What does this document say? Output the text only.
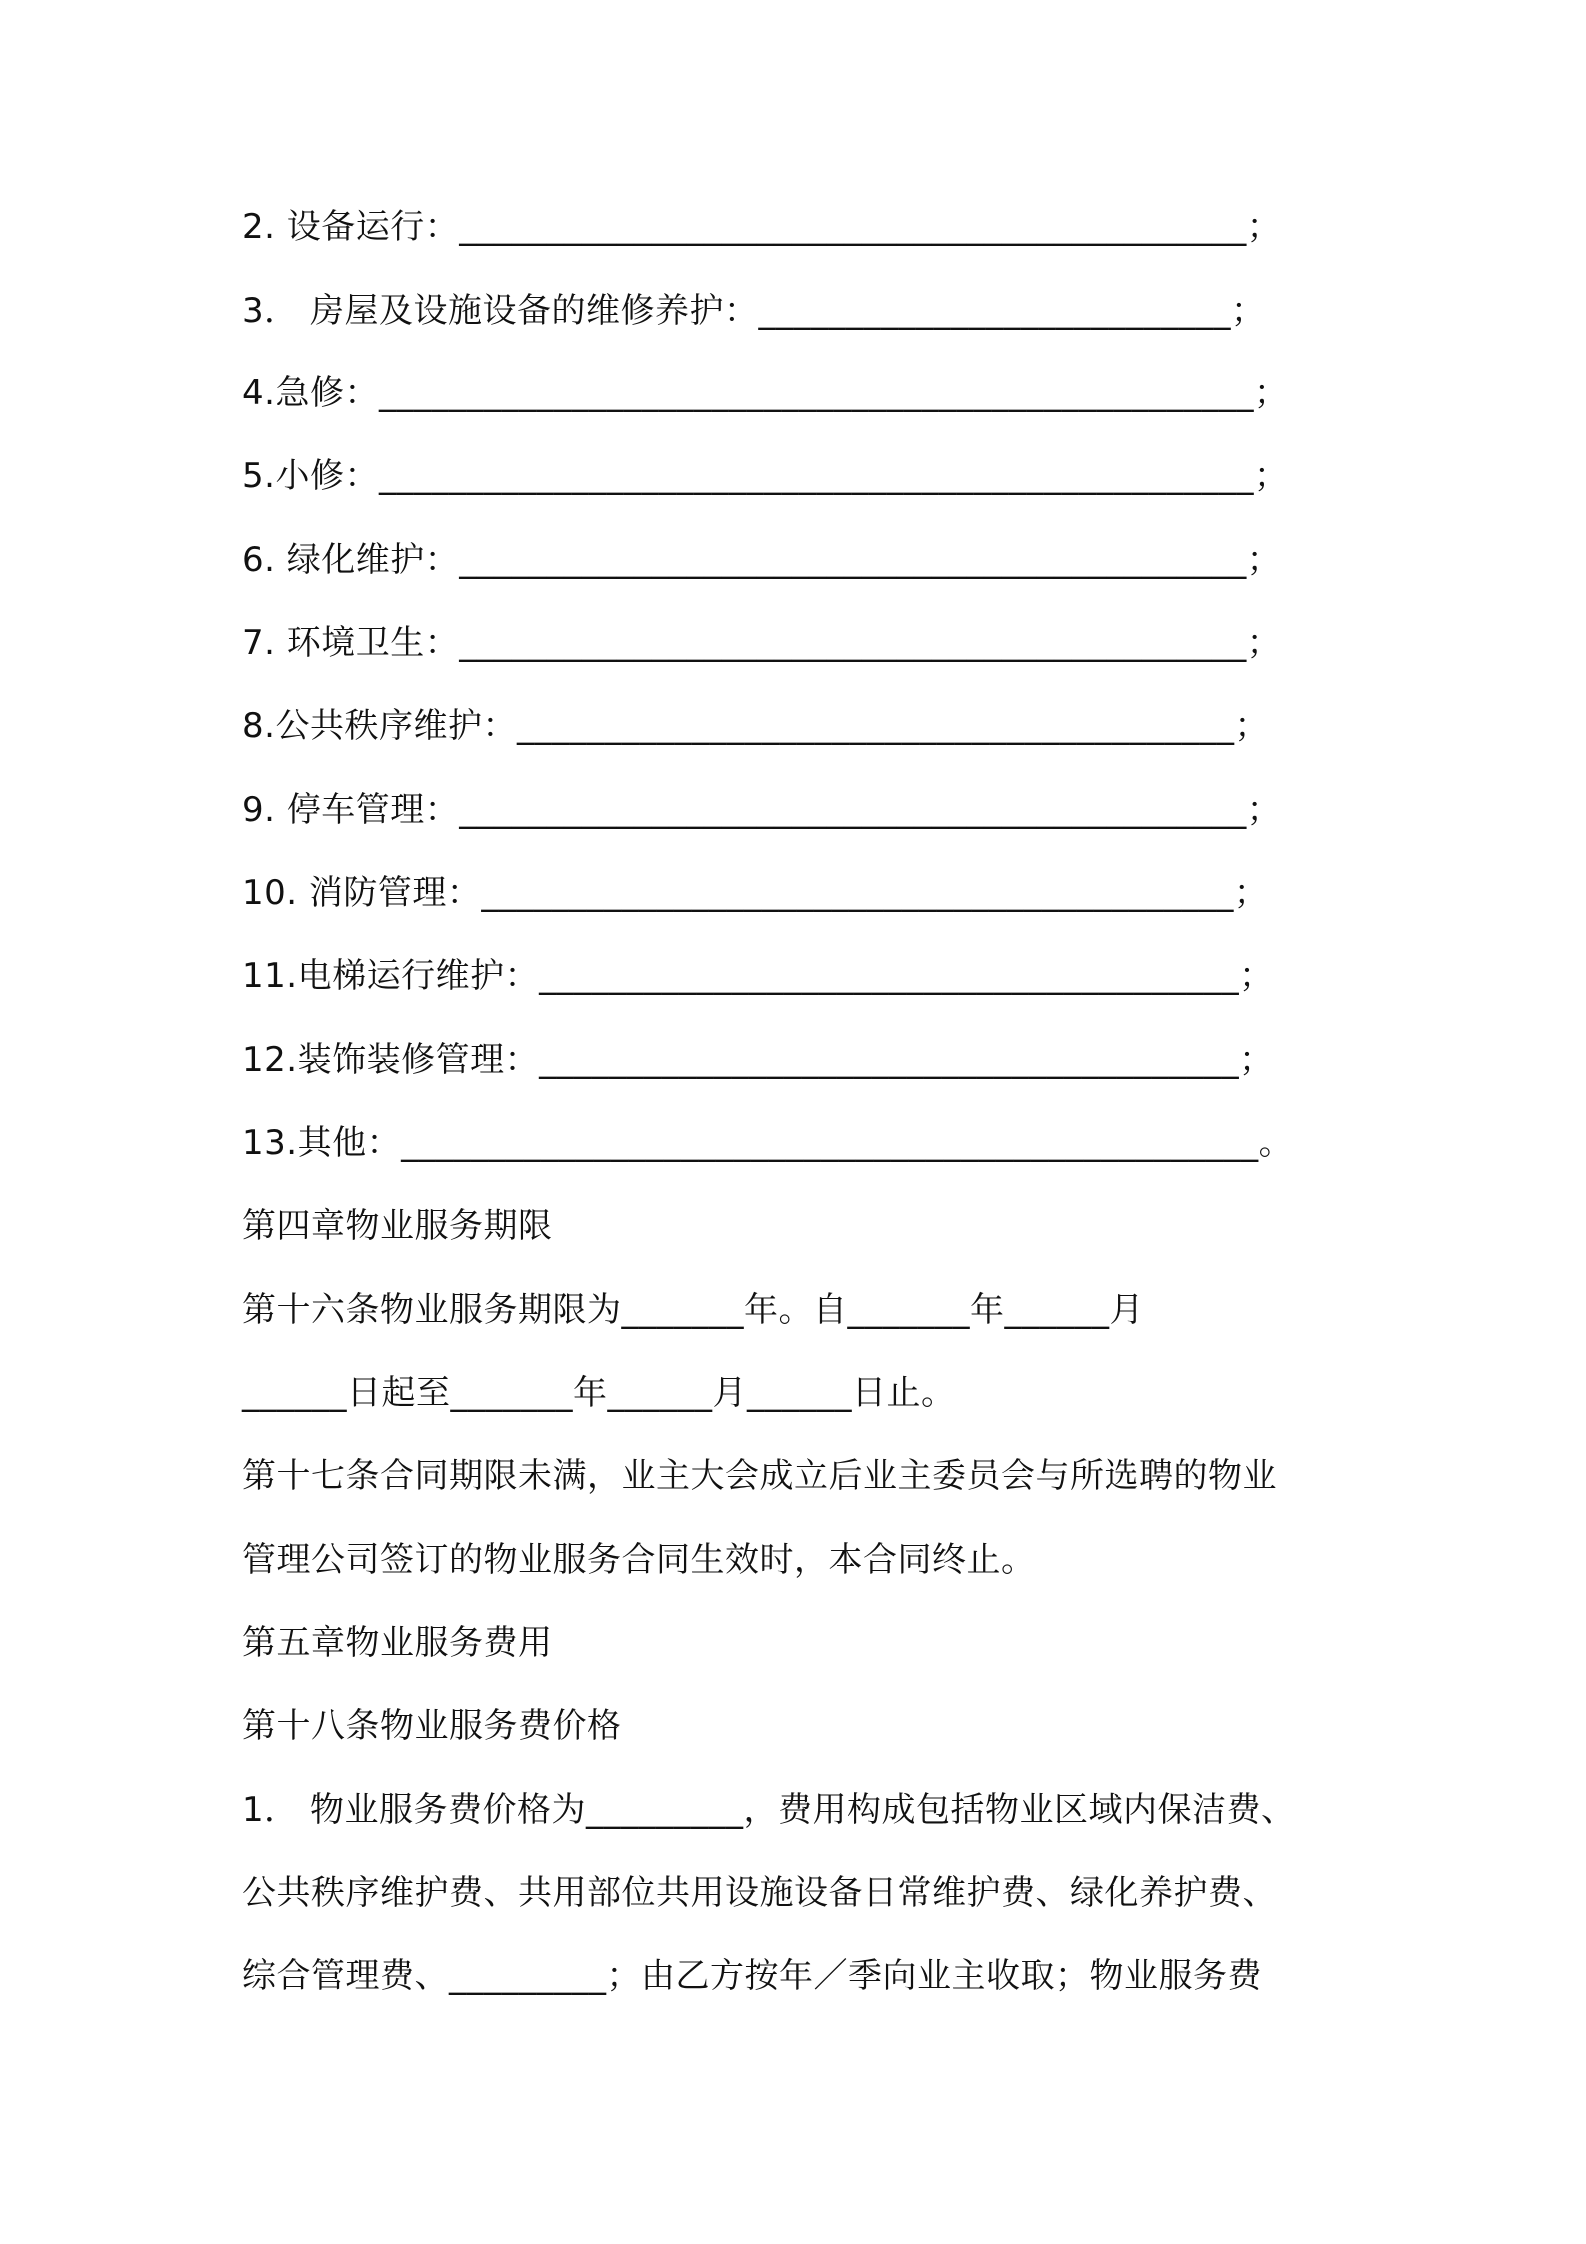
2. 设备运行：_____________________________________________；
3． 房屋及设施设备的维修养护：___________________________；
4.急修：__________________________________________________；
5.小修：__________________________________________________；
6. 绿化维护：_____________________________________________；
7. 环境卫生：_____________________________________________；
8.公共秩序维护：_________________________________________；
9. 停车管理：_____________________________________________；
10. 消防管理：___________________________________________；
11.电梯运行维护：________________________________________；
12.装饰装修管理：________________________________________；
13.其他：_________________________________________________。
第四章物业服务期限
第十六条物业服务期限为_______年。自_______年______月
______日起至_______年______月______日止。
第十七条合同期限未满，业主大会成立后业主委员会与所选聘的物业
管理公司签订的物业服务合同生效时，本合同终止。
第五章物业服务费用
第十八条物业服务费价格
1． 物业服务费价格为_________，费用构成包括物业区域内保洁费、
公共秩序维护费、共用部位共用设施设备日常维护费、绿化养护费、
综合管理费、_________；由乙方按年／季向业主收取；物业服务费
